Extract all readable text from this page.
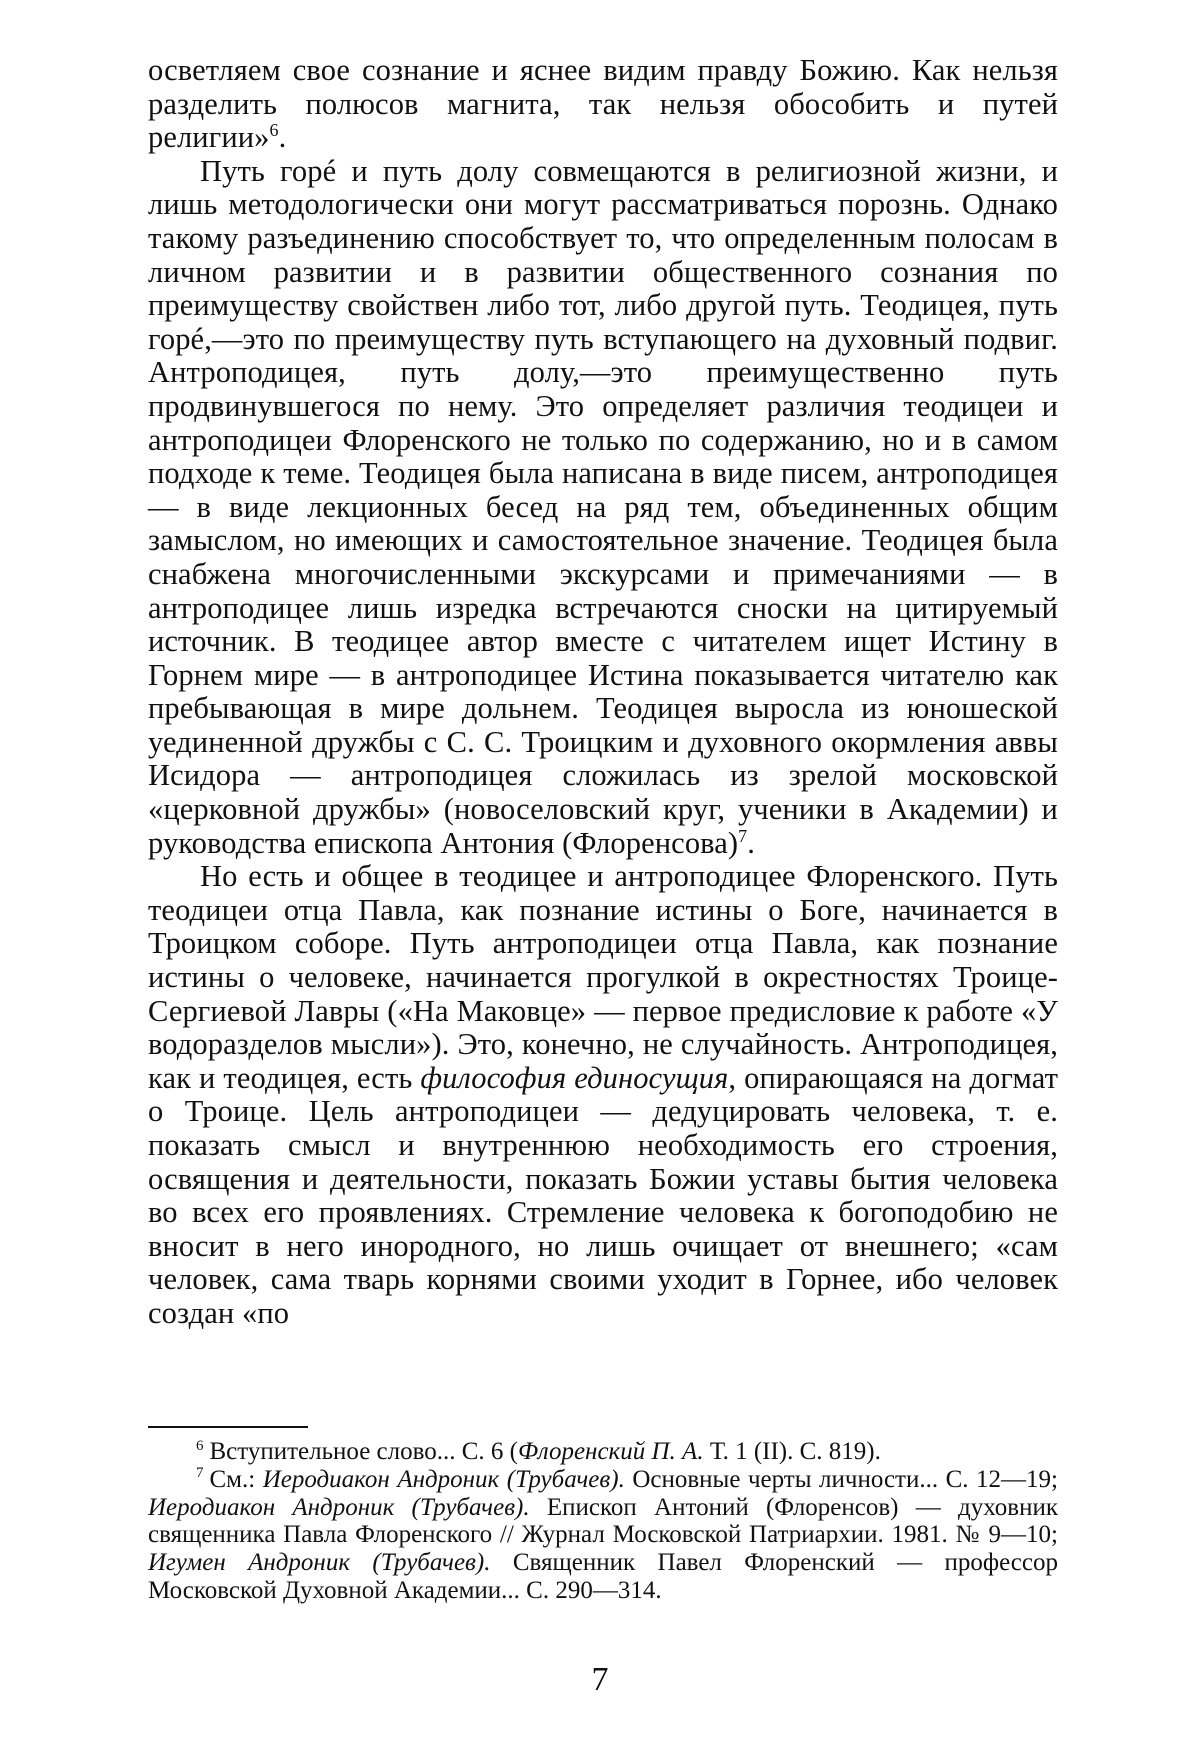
осветляем свое сознание и яснее видим правду Божию. Как нельзя разделить полюсов магнита, так нельзя обособить и путей религии»$^6$.

Путь горé и путь долу совмещаются в религиозной жизни, и лишь методологически они могут рассматриваться порознь. Однако такому разъединению способствует то, что определенным полосам в личном развитии и в развитии общественного сознания по преимуществу свойствен либо тот, либо другой путь. Теодицея, путь горé,—это по преимуществу путь вступающего на духовный подвиг. Антроподицея, путь долу,—это преимущественно путь продвинувшегося по нему. Это определяет различия теодицеи и антроподицеи Флоренского не только по содержанию, но и в самом подходе к теме. Теодицея была написана в виде писем, антроподицея — в виде лекционных бесед на ряд тем, объединенных общим замыслом, но имеющих и самостоятельное значение. Теодицея была снабжена многочисленными экскурсами и примечаниями — в антроподицее лишь изредка встречаются сноски на цитируемый источник. В теодицее автор вместе с читателем ищет Истину в Горнем мире — в антроподицее Истина показывается читателю как пребывающая в мире дольнем. Теодицея выросла из юношеской уединенной дружбы с С. С. Троицким и духовного окормления аввы Исидора — антроподицея сложилась из зрелой московской «церковной дружбы» (новоселовский круг, ученики в Академии) и руководства епископа Антония (Флоренсова)$^7$.

Но есть и общее в теодицее и антроподицее Флоренского. Путь теодицеи отца Павла, как познание истины о Боге, начинается в Троицком соборе. Путь антроподицеи отца Павла, как познание истины о человеке, начинается прогулкой в окрестностях Троице-Сергиевой Лавры («На Маковце» — первое предисловие к работе «У водоразделов мысли»). Это, конечно, не случайность. Антроподицея, как и теодицея, есть философия единосущия, опирающаяся на догмат о Троице. Цель антроподицеи — дедуцировать человека, т. е. показать смысл и внутреннюю необходимость его строения, освящения и деятельности, показать Божии уставы бытия человека во всех его проявлениях. Стремление человека к богоподобию не вносит в него инородного, но лишь очищает от внешнего; «сам человек, сама тварь корнями своими уходит в Горнее, ибо человек создан «по

$^6$ Вступительное слово... С. 6 (Флоренский П. А. Т. 1 (II). С. 819).

$^7$ См.: Иеродиакон Андроник (Трубачев). Основные черты личности... С. 12—19; Иеродиакон Андроник (Трубачев). Епископ Антоний (Флоренсов) — духовник священника Павла Флоренского // Журнал Московской Патриархии. 1981. № 9—10; Игумен Андроник (Трубачев). Священник Павел Флоренский — профессор Московской Духовной Академии... С. 290—314.

7
